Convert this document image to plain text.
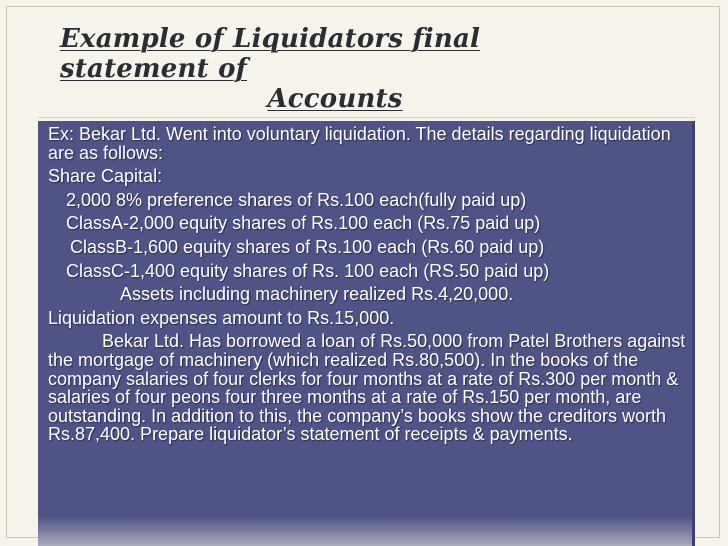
Example of Liquidators final statement of
Accounts

Ex: Bekar Ltd. Went into voluntary liquidation. The details regarding liquidation are as follows:

Share Capital:

2,000 8% preference shares of Rs.100 each(fully paid up)

ClassA-2,000 equity shares of Rs.100 each (Rs.75 paid up)

ClassB-1,600 equity shares of Rs.100 each (Rs.60 paid up)

ClassC-1,400 equity shares of Rs. 100 each (RS.50 paid up)

Assets including machinery realized Rs.4,20,000.

Liquidation expenses amount to Rs.15,000.

Bekar Ltd. Has borrowed a loan of Rs.50,000 from Patel Brothers against the mortgage of machinery (which realized Rs.80,500). In the books of the company salaries of four clerks for four months at a rate of Rs.300 per month & salaries of four peons four three months at a rate of Rs.150 per month, are outstanding. In addition to this, the company’s books show the creditors worth Rs.87,400. Prepare liquidator’s statement of receipts & payments.
